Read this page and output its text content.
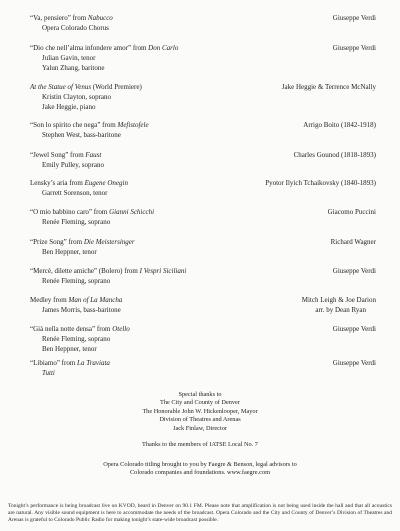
“Va, pensiero” from Nabucco	Giuseppe Verdi
Opera Colorado Chorus
“Dio che nell’alma infondere amor” from Don Carlo	Giuseppe Verdi
Julian Gavin, tenor
Yalun Zhang, baritone
At the Statue of Venus (World Premiere)	Jake Heggie & Terrence McNally
Kristin Clayton, soprano
Jake Heggie, piano
“Son lo spirito che nega” from Mefistofele	Arrigo Boito (1842-1918)
Stephen West, bass-baritone
“Jewel Song” from Faust	Charles Gounod (1818-1893)
Emily Pulley, soprano
Lensky’s aria from Eugene Onegin	Pyotor Ilyich Tchaikovsky (1840-1893)
Garrett Sorenson, tenor
“O mio babbino caro” from Gianni Schicchi	Giacomo Puccini
Renée Fleming, soprano
“Prize Song” from Die Meistersinger	Richard Wagner
Ben Heppner, tenor
“Mercè, dilette amiche” (Bolero) from I Vespri Siciliani	Giuseppe Verdi
Renée Fleming, soprano
Medley from Man of La Mancha	Mitch Leigh & Joe Darion
arr. by Dean Ryan
James Morris, bass-baritone
“Già nella notte densa” from Otello	Giuseppe Verdi
Renée Fleming, soprano
Ben Heppner, tenor
“Libiamo” from La Traviata	Giuseppe Verdi
Tutti
Special thanks to
The City and County of Denver
The Honorable John W. Hickenlooper, Mayor
Division of Theatres and Arenas
Jack Finlaw, Director
Thanks to the members of IATSE Local No. 7
Opera Colorado titling brought to you by Faegre & Benson, legal advisors to
Colorado companies and foundations. www.faegre.com
Tonight’s performance is being broadcast live on KVOD, heard in Denver on 90.1 FM. Please note that amplification is not being used inside the hall and that all acoustics are natural. Any visible sound equipment is here to accommodate the needs of the broadcast. Opera Colorado and the City and County of Denver’s Division of Theatres and Arenas is grateful to Colorado Public Radio for making tonight’s state-wide broadcast possible.
